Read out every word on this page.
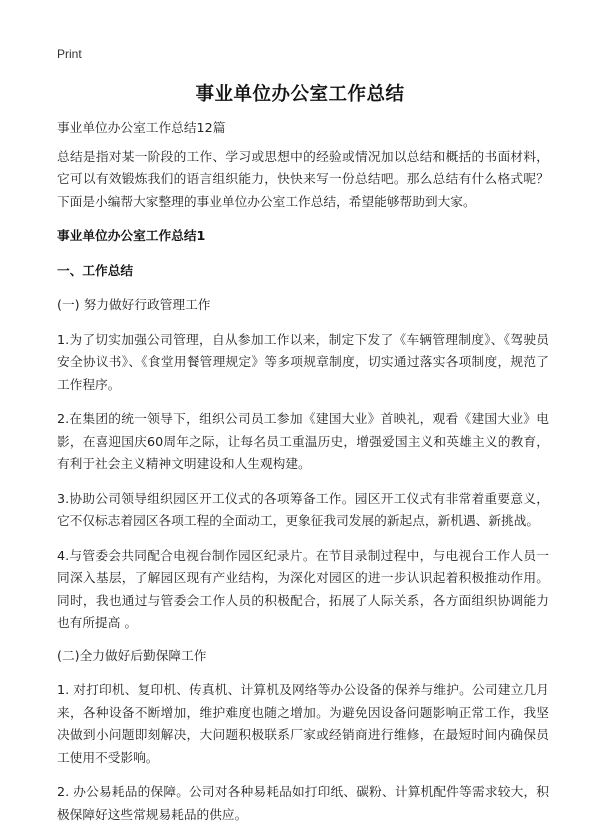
Print
事业单位办公室工作总结

事业单位办公室工作总结12篇

总结是指对某一阶段的工作、学习或思想中的经验或情况加以总结和概括的书面材料，它可以有效锻炼我们的语言组织能力，快快来写一份总结吧。那么总结有什么格式呢？下面是小编帮大家整理的事业单位办公室工作总结，希望能够帮助到大家。

事业单位办公室工作总结1

一、工作总结

(一) 努力做好行政管理工作

1.为了切实加强公司管理，自从参加工作以来，制定下发了《车辆管理制度》、《驾驶员安全协议书》、《食堂用餐管理规定》等多项规章制度，切实通过落实各项制度，规范了工作程序。

2.在集团的统一领导下，组织公司员工参加《建国大业》首映礼，观看《建国大业》电影，在喜迎国庆60周年之际，让每名员工重温历史，增强爱国主义和英雄主义的教育，有利于社会主义精神文明建设和人生观构建。

3.协助公司领导组织园区开工仪式的各项筹备工作。园区开工仪式有非常着重要意义，它不仅标志着园区各项工程的全面动工，更象征我司发展的新起点，新机遇、新挑战。

4.与管委会共同配合电视台制作园区纪录片。在节目录制过程中，与电视台工作人员一同深入基层，了解园区现有产业结构，为深化对园区的进一步认识起着积极推动作用。同时，我也通过与管委会工作人员的积极配合，拓展了人际关系，各方面组织协调能力也有所提高 。

(二)全力做好后勤保障工作

1. 对打印机、复印机、传真机、计算机及网络等办公设备的保养与维护。公司建立几月来，各种设备不断增加，维护难度也随之增加。为避免因设备问题影响正常工作，我坚决做到小问题即刻解决，大问题积极联系厂家或经销商进行维修，在最短时间内确保员工使用不受影响。

2. 办公易耗品的保障。公司对各种易耗品如打印纸、碳粉、计算机配件等需求较大，积极保障好这些常规易耗品的供应。
